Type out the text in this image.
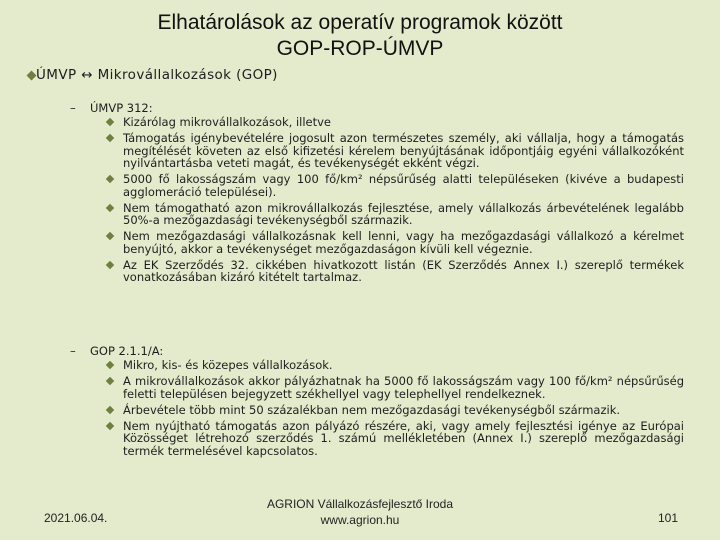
Elhatárolások az operatív programok között
GOP-ROP-ÚMVP
ÚMVP ↔ Mikrovállalkozások (GOP)
– ÚMVP 312:
Kizárólag mikrovállalkozások, illetve
Támogatás igénybevételére jogosult azon természetes személy, aki vállalja, hogy a támogatás megítélését követen az első kifizetési kérelem benyújtásának időpontjáig egyéni vállalkozóként nyilvántartásba veteti magát, és tevékenységét ekként végzi.
5000 fő lakosságszám vagy 100 fő/km² népsűrűség alatti településeken (kivéve a budapesti agglomeráció települései).
Nem támogatható azon mikrovállalkozás fejlesztése, amely vállalkozás árbevételének legalább 50%-a mezőgazdasági tevékenységből származik.
Nem mezőgazdasági vállalkozásnak kell lenni, vagy ha mezőgazdasági vállalkozó a kérelmet benyújtó, akkor a tevékenységet mezőgazdaságon kívüli kell végeznie.
Az EK Szerződés 32. cikkében hivatkozott listán (EK Szerződés Annex I.) szereplő termékek vonatkozásában kizáró kitételt tartalmaz.
– GOP 2.1.1/A:
Mikro, kis- és közepes vállalkozások.
A mikrovállalkozások akkor pályázhatnak ha 5000 fő lakosságszám vagy 100 fő/km² népsűrűség feletti településen bejegyzett székhellyel vagy telephellyel rendelkeznek.
Árbevétele több mint 50 százalékban nem mezőgazdasági tevékenységből származik.
Nem nyújtható támogatás azon pályázó részére, aki, vagy amely fejlesztési igénye az Európai Közösséget létrehozó szerződés 1. számú mellékletében (Annex I.) szereplő mezőgazdasági termék termelésével kapcsolatos.
2021.06.04.
AGRION Vállalkozásfejlesztő Iroda
www.agrion.hu	101
